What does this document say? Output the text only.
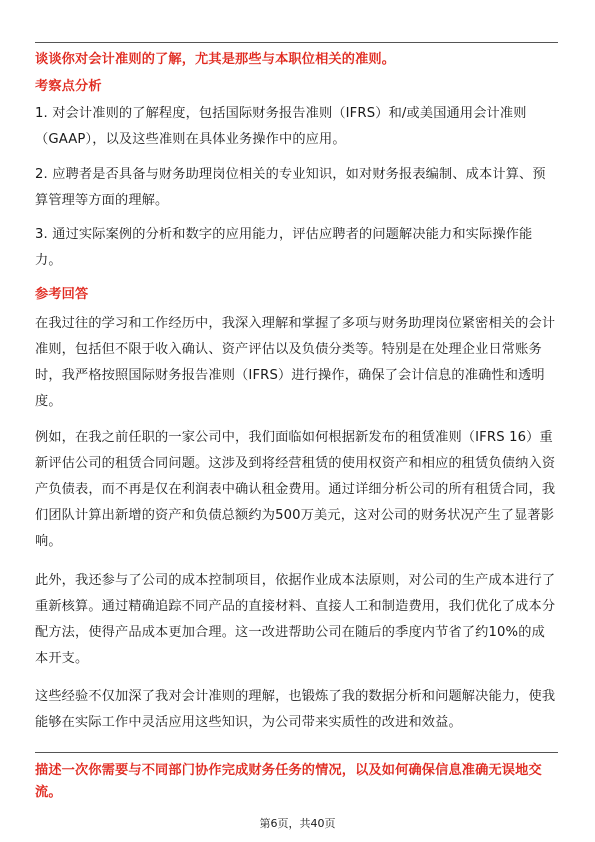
谈谈你对会计准则的了解，尤其是那些与本职位相关的准则。

考察点分析

1. 对会计准则的了解程度，包括国际财务报告准则（IFRS）和/或美国通用会计准则（GAAP），以及这些准则在具体业务操作中的应用。

2. 应聘者是否具备与财务助理岗位相关的专业知识，如对财务报表编制、成本计算、预算管理等方面的理解。

3. 通过实际案例的分析和数字的应用能力，评估应聘者的问题解决能力和实际操作能力。

参考回答

在我过往的学习和工作经历中，我深入理解和掌握了多项与财务助理岗位紧密相关的会计准则，包括但不限于收入确认、资产评估以及负债分类等。特别是在处理企业日常账务时，我严格按照国际财务报告准则（IFRS）进行操作，确保了会计信息的准确性和透明度。

例如，在我之前任职的一家公司中，我们面临如何根据新发布的租赁准则（IFRS 16）重新评估公司的租赁合同问题。这涉及到将经营租赁的使用权资产和相应的租赁负债纳入资产负债表，而不再是仅在利润表中确认租金费用。通过详细分析公司的所有租赁合同，我们团队计算出新增的资产和负债总额约为500万美元，这对公司的财务状况产生了显著影响。

此外，我还参与了公司的成本控制项目，依据作业成本法原则，对公司的生产成本进行了重新核算。通过精确追踪不同产品的直接材料、直接人工和制造费用，我们优化了成本分配方法，使得产品成本更加合理。这一改进帮助公司在随后的季度内节省了约10%的成本开支。

这些经验不仅加深了我对会计准则的理解，也锻炼了我的数据分析和问题解决能力，使我能够在实际工作中灵活应用这些知识，为公司带来实质性的改进和效益。

描述一次你需要与不同部门协作完成财务任务的情况，以及如何确保信息准确无误地交流。

第6页，共40页
